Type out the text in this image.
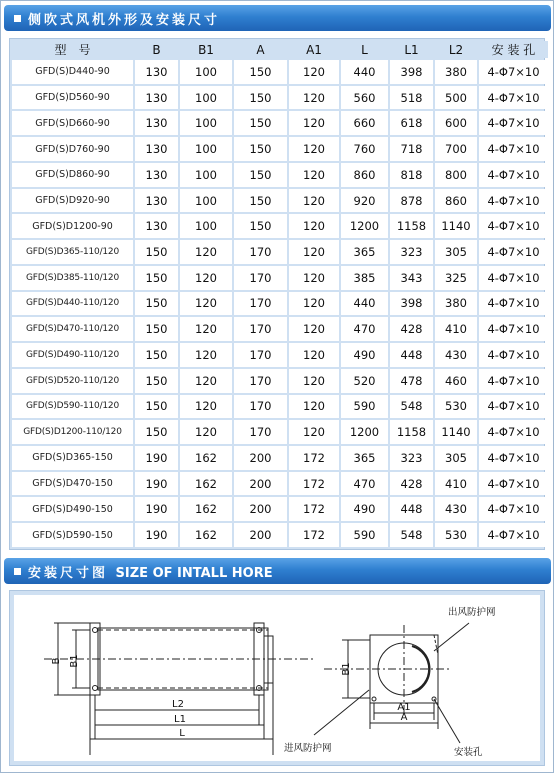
侧吹式风机外形及安装尺寸
型　号	B	B1	A	A1	L	L1	L2	安 装 孔
GFD(S)D440-90	130	100	150	120	440	398	380	4-Φ7×10
GFD(S)D560-90	130	100	150	120	560	518	500	4-Φ7×10
GFD(S)D660-90	130	100	150	120	660	618	600	4-Φ7×10
GFD(S)D760-90	130	100	150	120	760	718	700	4-Φ7×10
GFD(S)D860-90	130	100	150	120	860	818	800	4-Φ7×10
GFD(S)D920-90	130	100	150	120	920	878	860	4-Φ7×10
GFD(S)D1200-90	130	100	150	120	1200	1158	1140	4-Φ7×10
GFD(S)D365-110/120	150	120	170	120	365	323	305	4-Φ7×10
GFD(S)D385-110/120	150	120	170	120	385	343	325	4-Φ7×10
GFD(S)D440-110/120	150	120	170	120	440	398	380	4-Φ7×10
GFD(S)D470-110/120	150	120	170	120	470	428	410	4-Φ7×10
GFD(S)D490-110/120	150	120	170	120	490	448	430	4-Φ7×10
GFD(S)D520-110/120	150	120	170	120	520	478	460	4-Φ7×10
GFD(S)D590-110/120	150	120	170	120	590	548	530	4-Φ7×10
GFD(S)D1200-110/120	150	120	170	120	1200	1158	1140	4-Φ7×10
GFD(S)D365-150	190	162	200	172	365	323	305	4-Φ7×10
GFD(S)D470-150	190	162	200	172	470	428	410	4-Φ7×10
GFD(S)D490-150	190	162	200	172	490	448	430	4-Φ7×10
GFD(S)D590-150	190	162	200	172	590	548	530	4-Φ7×10
安装尺寸图 SIZE OF INTALL HORE
B B1
L2
L1
L
B1
A1
A
出风防护网
进风防护网	安装孔
